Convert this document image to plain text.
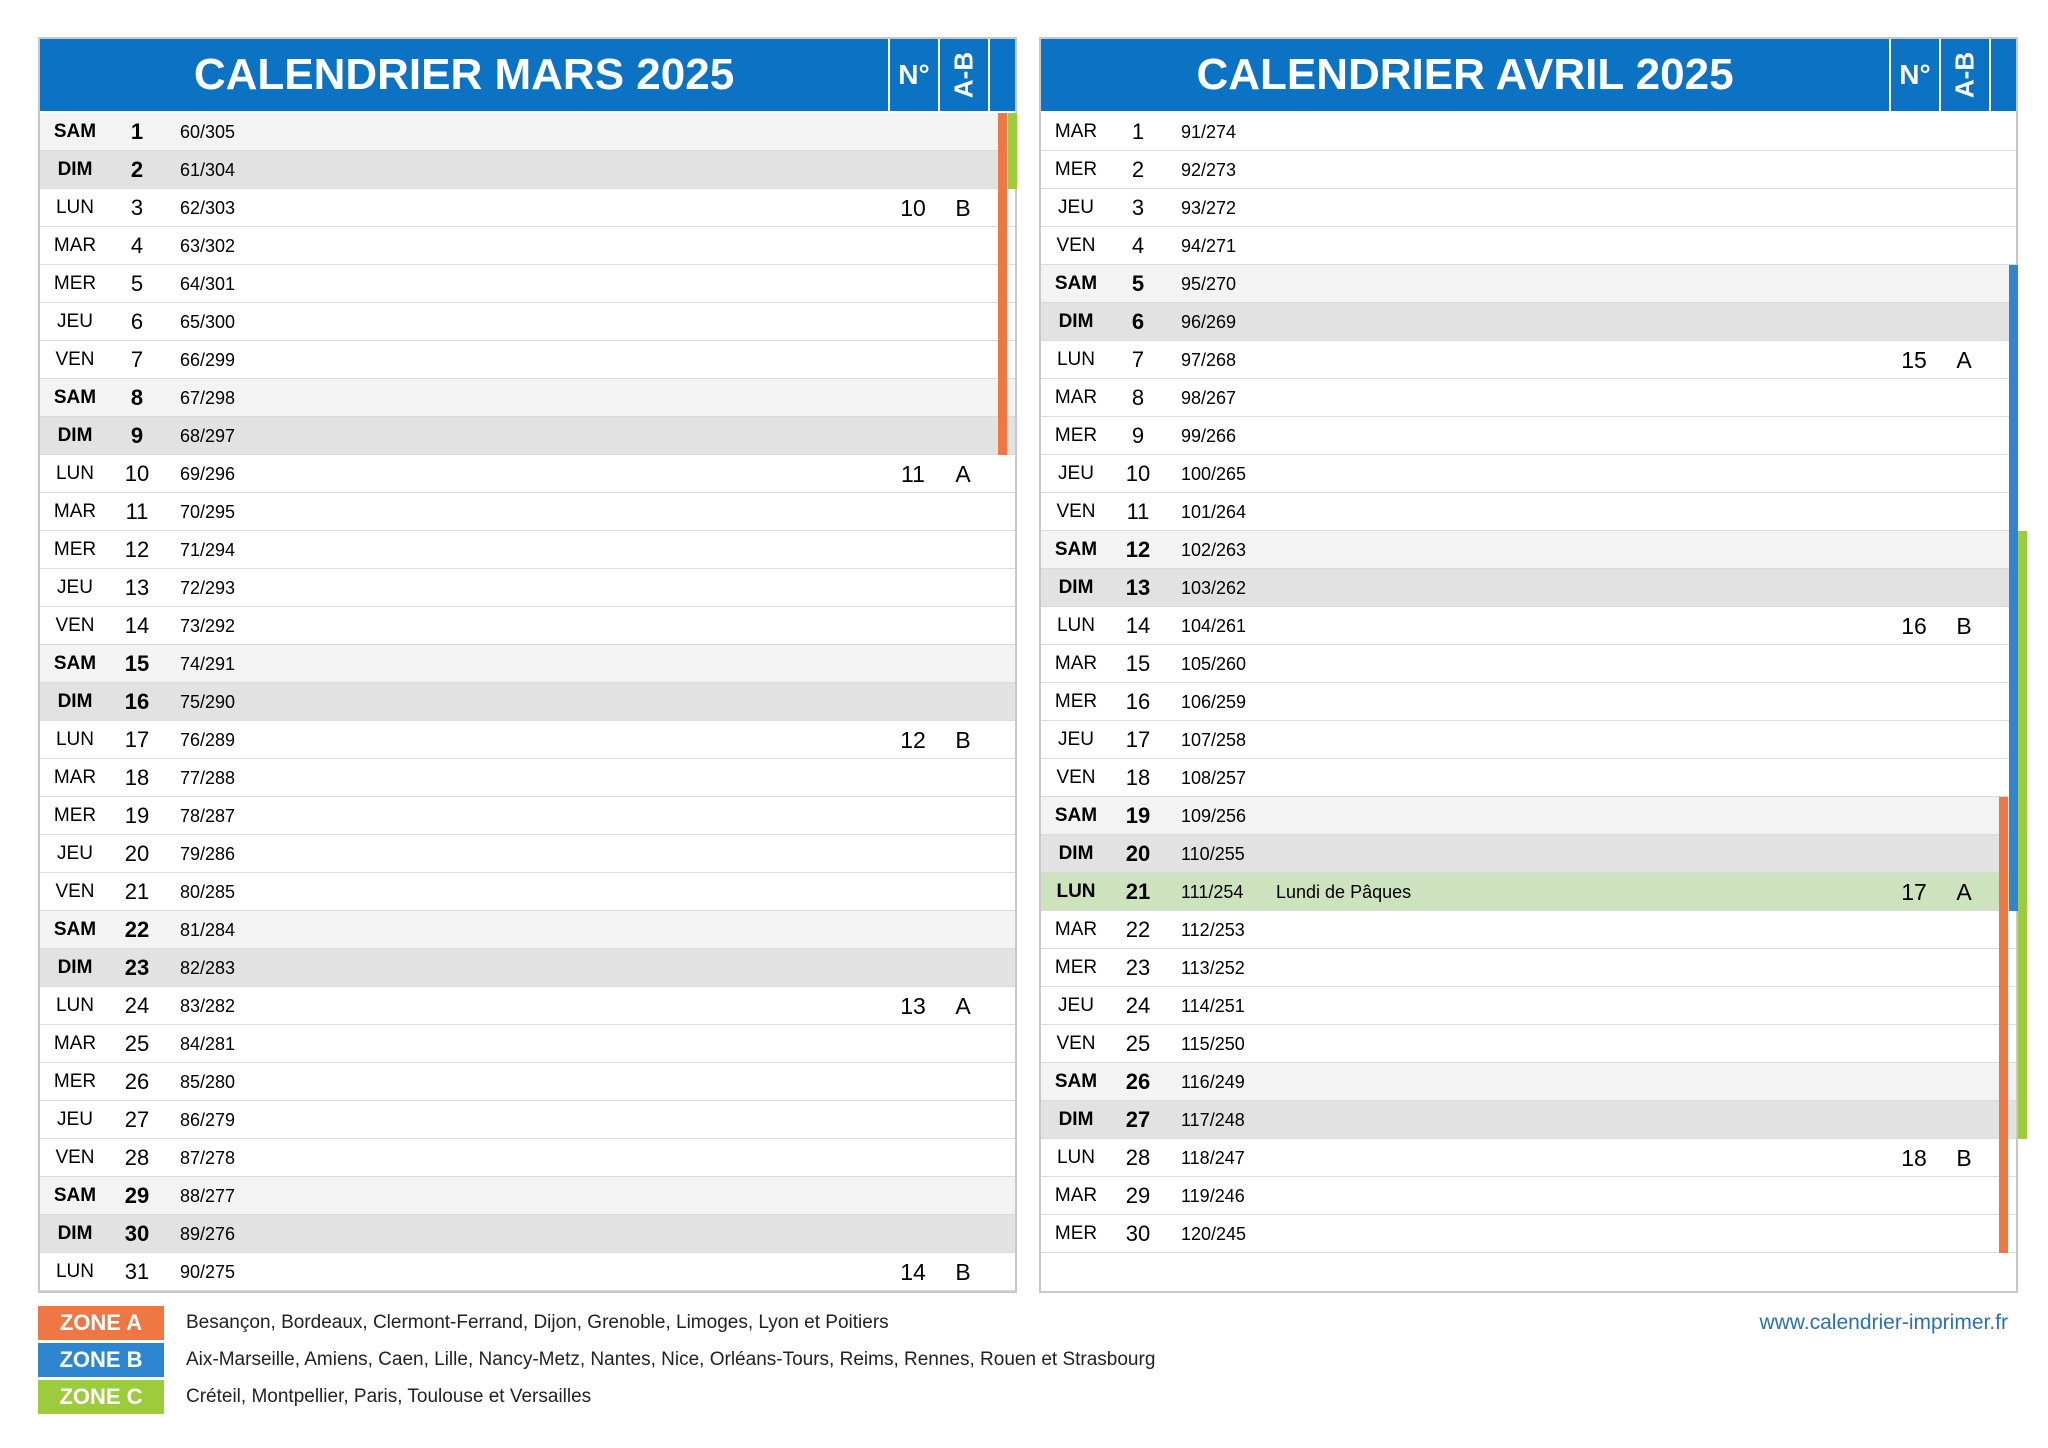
CALENDRIER MARS 2025	N° A-B
SAM	1	60/305
DIM	2	61/304
LUN	3	62/303	10	B
MAR	4	63/302
MER	5	64/301
JEU	6	65/300
VEN	7	66/299
SAM	8	67/298
DIM	9	68/297
LUN	10	69/296	11	A
MAR	11	70/295
MER	12	71/294
JEU	13	72/293
VEN	14	73/292
SAM	15	74/291
DIM	16	75/290
LUN	17	76/289	12	B
MAR	18	77/288
MER	19	78/287
JEU	20	79/286
VEN	21	80/285
SAM	22	81/284
DIM	23	82/283
LUN	24	83/282	13	A
MAR	25	84/281
MER	26	85/280
JEU	27	86/279
VEN	28	87/278
SAM	29	88/277
DIM	30	89/276
LUN	31	90/275	14	B
CALENDRIER AVRIL 2025	N° A-B
MAR	1	91/274
MER	2	92/273
JEU	3	93/272
VEN	4	94/271
SAM	5	95/270
DIM	6	96/269
LUN	7	97/268	15	A
MAR	8	98/267
MER	9	99/266
JEU	10	100/265
VEN	11	101/264
SAM	12	102/263
DIM	13	103/262
LUN	14	104/261	16	B
MAR	15	105/260
MER	16	106/259
JEU	17	107/258
VEN	18	108/257
SAM	19	109/256
DIM	20	110/255
LUN	21	111/254 Lundi de Pâques	17	A
MAR	22	112/253
MER	23	113/252
JEU	24	114/251
VEN	25	115/250
SAM	26	116/249
DIM	27	117/248
LUN	28	118/247	18	B
MAR	29	119/246
MER	30	120/245
ZONE A	Besançon, Bordeaux, Clermont-Ferrand, Dijon, Grenoble, Limoges, Lyon et Poitiers
ZONE B	Aix-Marseille, Amiens, Caen, Lille, Nancy-Metz, Nantes, Nice, Orléans-Tours, Reims, Rennes, Rouen et Strasbourg
ZONE C	Créteil, Montpellier, Paris, Toulouse et Versailles
www.calendrier-imprimer.fr
